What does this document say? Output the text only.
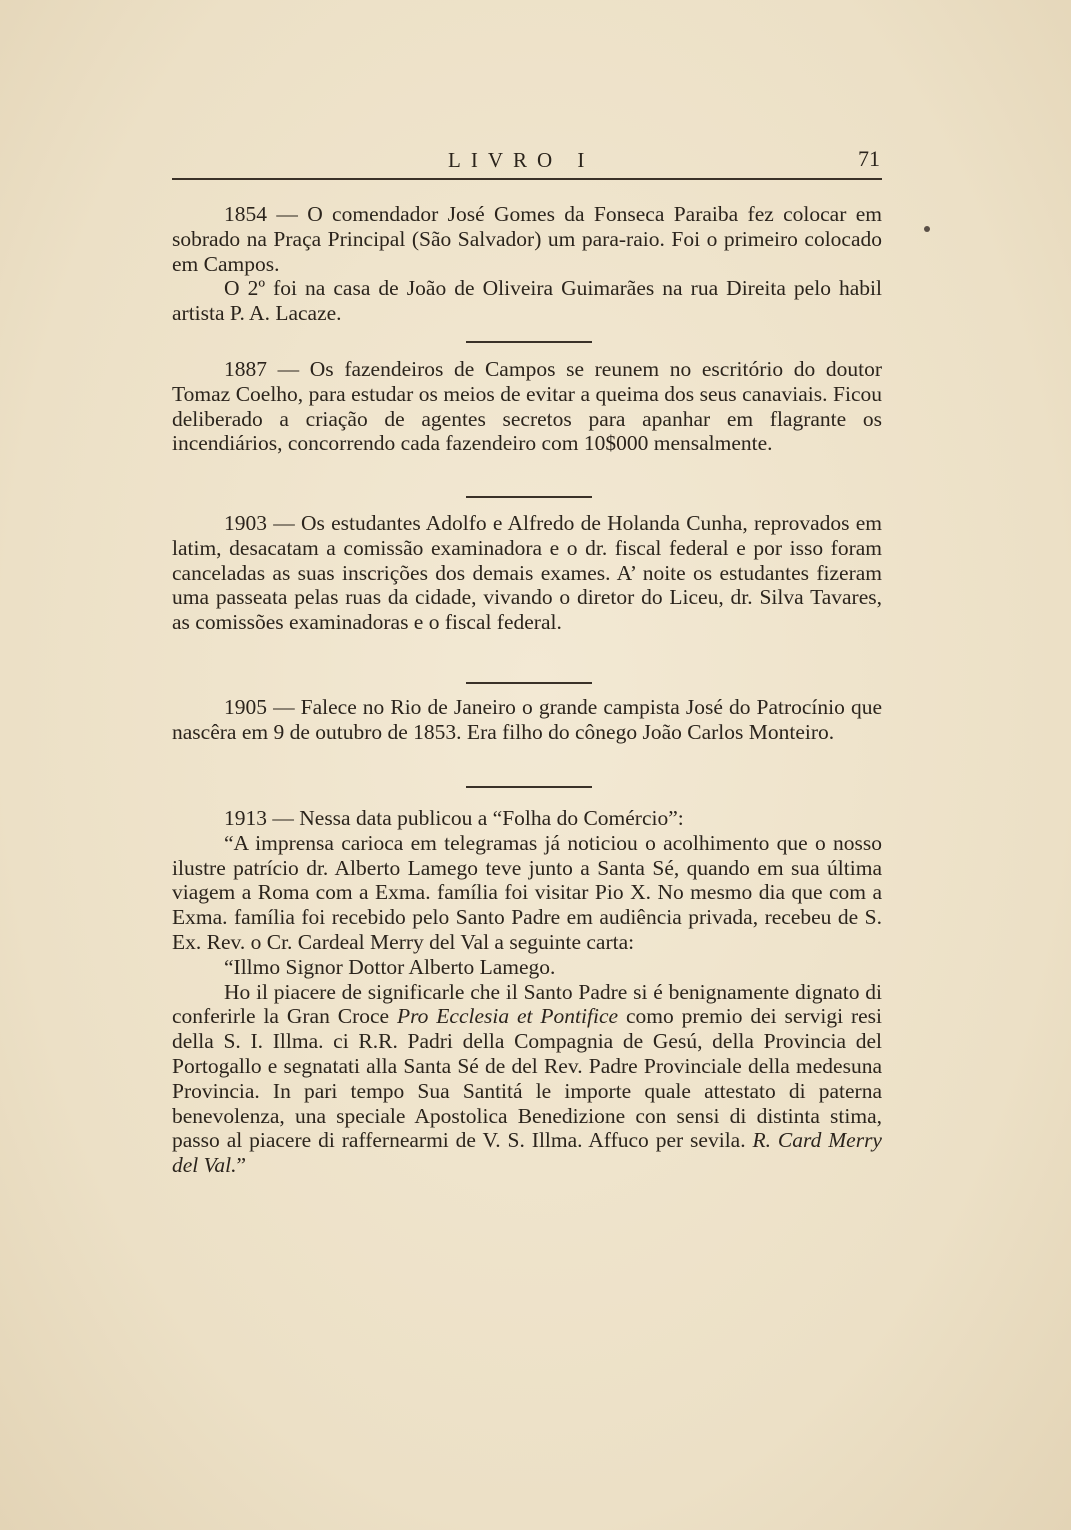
LIVRO I	71

1854 — O comendador José Gomes da Fonseca Paraiba fez colocar em sobrado na Praça Principal (São Salvador) um para-raio. Foi o primeiro colocado em Campos.

O 2º foi na casa de João de Oliveira Guimarães na rua Direita pelo habil artista P. A. Lacaze.

1887 — Os fazendeiros de Campos se reunem no escritório do doutor Tomaz Coelho, para estudar os meios de evitar a queima dos seus canaviais. Ficou deliberado a criação de agentes secretos para apanhar em flagrante os incendiários, concorrendo cada fazendeiro com 10$000 mensalmente.

1903 — Os estudantes Adolfo e Alfredo de Holanda Cunha, reprovados em latim, desacatam a comissão examinadora e o dr. fiscal federal e por isso foram canceladas as suas inscrições dos demais exames. A’ noite os estudantes fizeram uma passeata pelas ruas da cidade, vivando o diretor do Liceu, dr. Silva Tavares, as comissões examinadoras e o fiscal federal.

1905 — Falece no Rio de Janeiro o grande campista José do Patrocínio que nascêra em 9 de outubro de 1853. Era filho do cônego João Carlos Monteiro.

1913 — Nessa data publicou a “Folha do Comércio”:

“A imprensa carioca em telegramas já noticiou o acolhimento que o nosso ilustre patrício dr. Alberto Lamego teve junto a Santa Sé, quando em sua última viagem a Roma com a Exma. família foi visitar Pio X. No mesmo dia que com a Exma. família foi recebido pelo Santo Padre em audiência privada, recebeu de S. Ex. Rev. o Cr. Cardeal Merry del Val a seguinte carta:

“Illmo Signor Dottor Alberto Lamego.

Ho il piacere de significarle che il Santo Padre si é benignamente dignato di conferirle la Gran Croce Pro Ecclesia et Pontifice como premio dei servigi resi della S. I. Illma. ci R.R. Padri della Compagnia de Gesú, della Provincia del Portogallo e segnatati alla Santa Sé de del Rev. Padre Provinciale della medesuna Provincia. In pari tempo Sua Santitá le importe quale attestato di paterna benevolenza, una speciale Apostolica Benedizione con sensi di distinta stima, passo al piacere di raffernearmi de V. S. Illma. Affuco per sevila. R. Card Merry del Val.”
